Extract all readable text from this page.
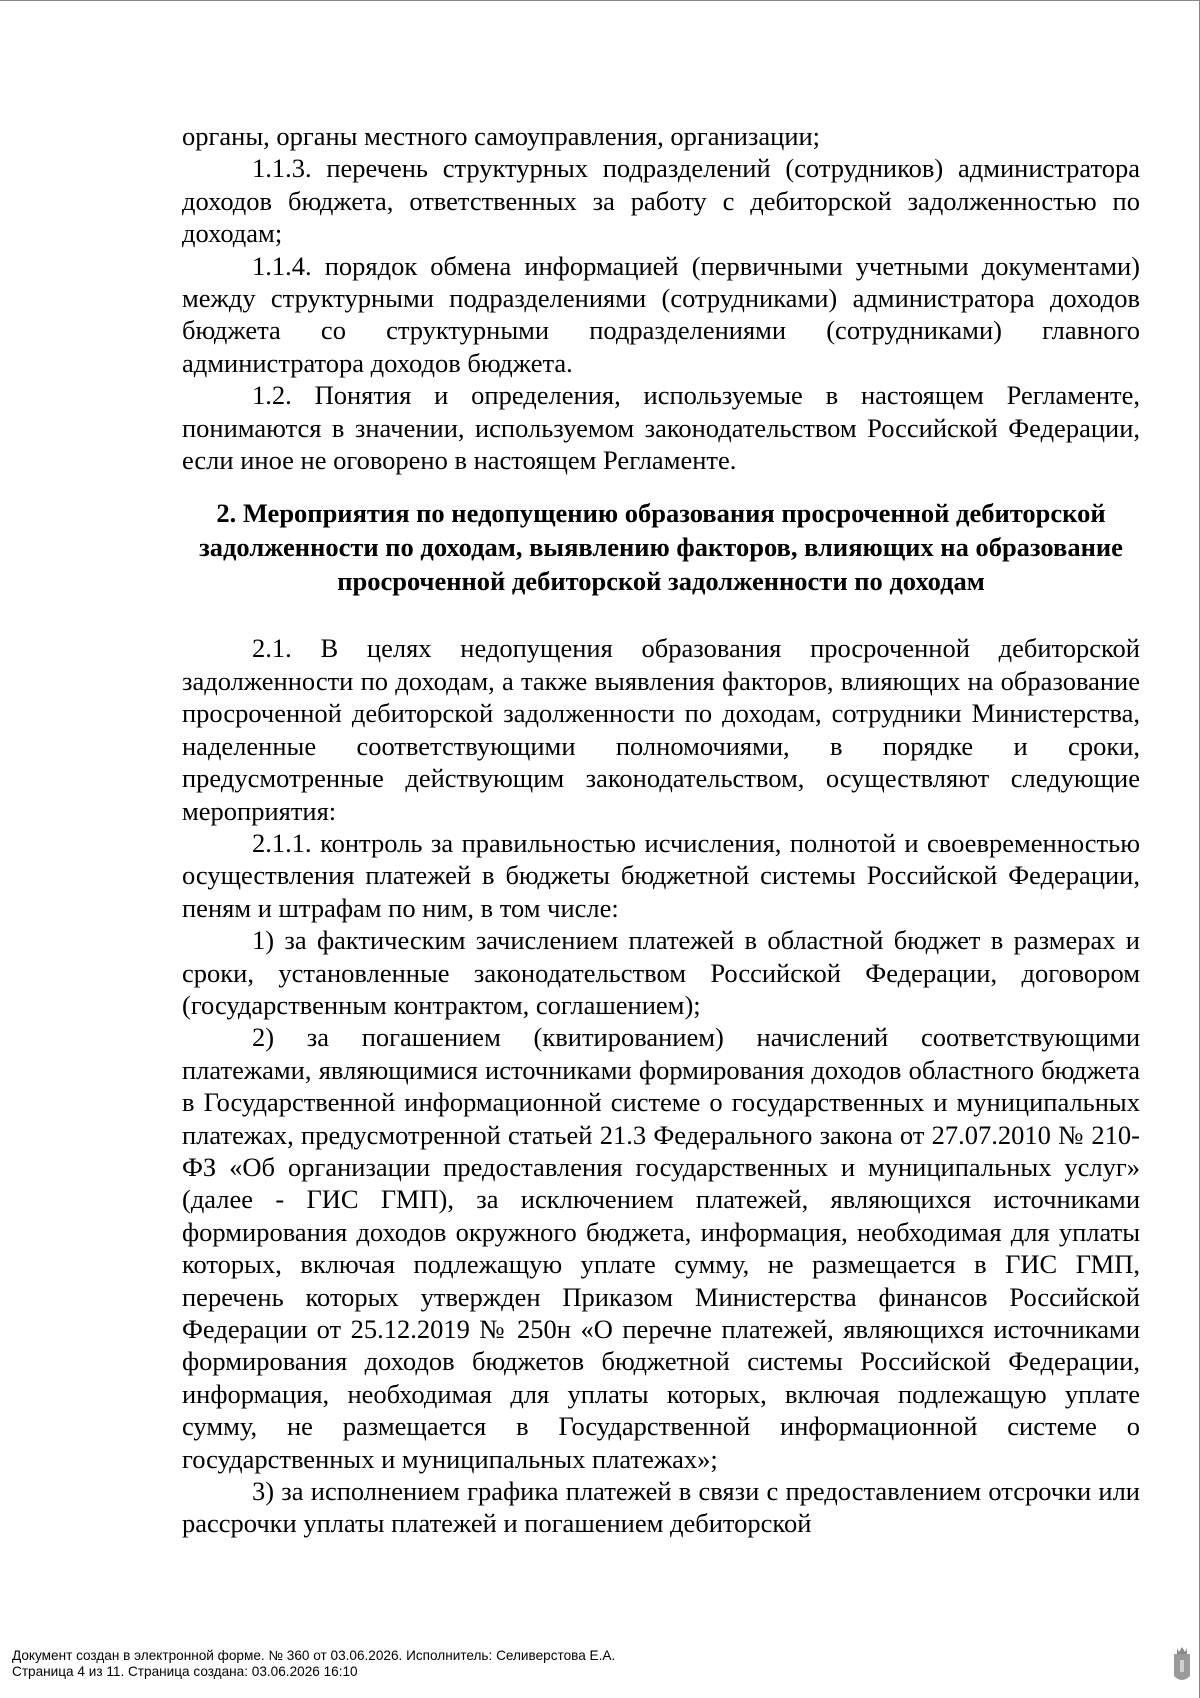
органы, органы местного самоуправления, организации;

1.1.3. перечень структурных подразделений (сотрудников) администратора доходов бюджета, ответственных за работу с дебиторской задолженностью по доходам;

1.1.4. порядок обмена информацией (первичными учетными документами) между структурными подразделениями (сотрудниками) администратора доходов бюджета со структурными подразделениями (сотрудниками) главного администратора доходов бюджета.

1.2. Понятия и определения, используемые в настоящем Регламенте, понимаются в значении, используемом законодательством Российской Федерации, если иное не оговорено в настоящем Регламенте.

2. Мероприятия по недопущению образования просроченной дебиторской задолженности по доходам, выявлению факторов, влияющих на образование просроченной дебиторской задолженности по доходам

2.1. В целях недопущения образования просроченной дебиторской задолженности по доходам, а также выявления факторов, влияющих на образование просроченной дебиторской задолженности по доходам, сотрудники Министерства, наделенные соответствующими полномочиями, в порядке и сроки, предусмотренные действующим законодательством, осуществляют следующие мероприятия:

2.1.1. контроль за правильностью исчисления, полнотой и своевременностью осуществления платежей в бюджеты бюджетной системы Российской Федерации, пеням и штрафам по ним, в том числе:

1) за фактическим зачислением платежей в областной бюджет в размерах и сроки, установленные законодательством Российской Федерации, договором (государственным контрактом, соглашением);

2) за погашением (квитированием) начислений соответствующими платежами, являющимися источниками формирования доходов областного бюджета в Государственной информационной системе о государственных и муниципальных платежах, предусмотренной статьей 21.3 Федерального закона от 27.07.2010 № 210-ФЗ «Об организации предоставления государственных и муниципальных услуг» (далее - ГИС ГМП), за исключением платежей, являющихся источниками формирования доходов окружного бюджета, информация, необходимая для уплаты которых, включая подлежащую уплате сумму, не размещается в ГИС ГМП, перечень которых утвержден Приказом Министерства финансов Российской Федерации от 25.12.2019 № 250н «О перечне платежей, являющихся источниками формирования доходов бюджетов бюджетной системы Российской Федерации, информация, необходимая для уплаты которых, включая подлежащую уплате сумму, не размещается в Государственной информационной системе о государственных и муниципальных платежах»;

3) за исполнением графика платежей в связи с предоставлением отсрочки или рассрочки уплаты платежей и погашением дебиторской

Документ создан в электронной форме. № 360 от 03.06.2026. Исполнитель: Селиверстова Е.А.
Страница 4 из 11. Страница создана: 03.06.2026 16:10
